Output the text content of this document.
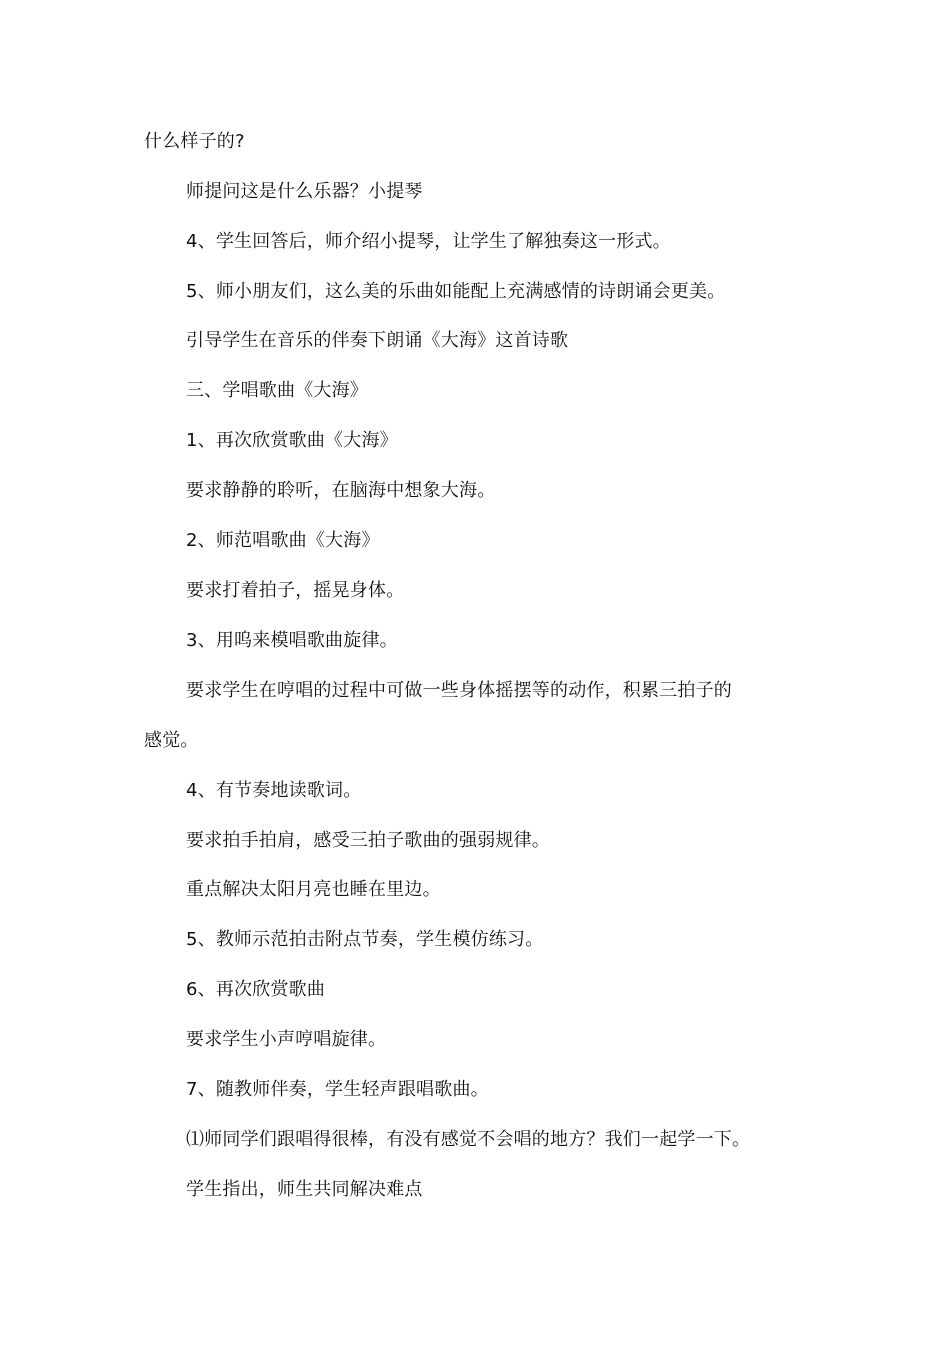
什么样子的?
师提问这是什么乐器？小提琴
4、学生回答后，师介绍小提琴，让学生了解独奏这一形式。
5、师小朋友们，这么美的乐曲如能配上充满感情的诗朗诵会更美。
引导学生在音乐的伴奏下朗诵《大海》这首诗歌
三、学唱歌曲《大海》
1、再次欣赏歌曲《大海》
要求静静的聆听，在脑海中想象大海。
2、师范唱歌曲《大海》
要求打着拍子，摇晃身体。
3、用呜来模唱歌曲旋律。
要求学生在哼唱的过程中可做一些身体摇摆等的动作，积累三拍子的
感觉。
4、有节奏地读歌词。
要求拍手拍肩，感受三拍子歌曲的强弱规律。
重点解决太阳月亮也睡在里边。
5、教师示范拍击附点节奏，学生模仿练习。
6、再次欣赏歌曲
要求学生小声哼唱旋律。
7、随教师伴奏，学生轻声跟唱歌曲。
⑴师同学们跟唱得很棒，有没有感觉不会唱的地方？我们一起学一下。
学生指出，师生共同解决难点
